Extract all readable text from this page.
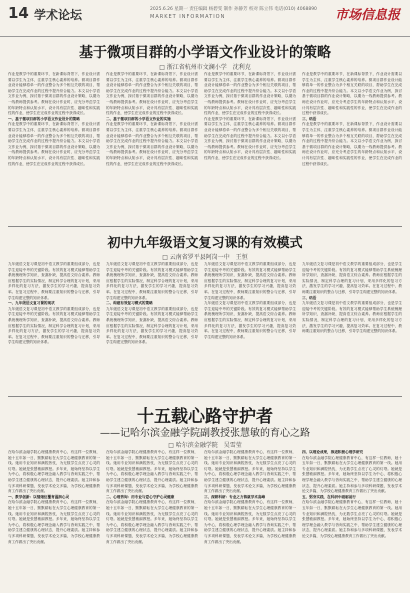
14 学术论坛	2025.6.26 星期一 责任编辑 杨碧雯 制作 孙静芳 校对 陈立伟 电话(010) 4068890
MARKET INFORMATION	市场信息报
基于微项目群的小学语文作业设计的策略
□ 浙江省杭州市文澜小学　沈利克
作业是教学中的重要环节，在新课标背景下，作业设计需要以学生为主体，注重学生核心素养的培养。微项目群作业设计能够将单一的作业整合为多个相互关联的项目，帮助学生在完成作业的过程中提升综合能力。本文以小学语文作业为例，探讨基于微项目群的作业设计策略，以期为一线教师提供参考。教师在设计作业时，应充分考虑学生的年龄特点和认知水平，设计具有层次性、趣味性和实践性的作业，使学生在完成作业的过程中获得成长。
一、基于微项目群的小学语文作业设计的策略
作业是教学中的重要环节，在新课标背景下，作业设计需要以学生为主体，注重学生核心素养的培养。微项目群作业设计能够将单一的作业整合为多个相互关联的项目，帮助学生在完成作业的过程中提升综合能力。本文以小学语文作业为例，探讨基于微项目群的作业设计策略，以期为一线教师提供参考。教师在设计作业时，应充分考虑学生的年龄特点和认知水平，设计具有层次性、趣味性和实践性的作业，使学生在完成作业的过程中获得成长。
作业是教学中的重要环节，在新课标背景下，作业设计需要以学生为主体，注重学生核心素养的培养。微项目群作业设计能够将单一的作业整合为多个相互关联的项目，帮助学生在完成作业的过程中提升综合能力。本文以小学语文作业为例，探讨基于微项目群的作业设计策略，以期为一线教师提供参考。教师在设计作业时，应充分考虑学生的年龄特点和认知水平，设计具有层次性、趣味性和实践性的作业，使学生在完成作业的过程中获得成长。
二、基于微项目群的小学语文作业的实施
作业是教学中的重要环节，在新课标背景下，作业设计需要以学生为主体，注重学生核心素养的培养。微项目群作业设计能够将单一的作业整合为多个相互关联的项目，帮助学生在完成作业的过程中提升综合能力。本文以小学语文作业为例，探讨基于微项目群的作业设计策略，以期为一线教师提供参考。教师在设计作业时，应充分考虑学生的年龄特点和认知水平，设计具有层次性、趣味性和实践性的作业，使学生在完成作业的过程中获得成长。
作业是教学中的重要环节，在新课标背景下，作业设计需要以学生为主体，注重学生核心素养的培养。微项目群作业设计能够将单一的作业整合为多个相互关联的项目，帮助学生在完成作业的过程中提升综合能力。本文以小学语文作业为例，探讨基于微项目群的作业设计策略，以期为一线教师提供参考。教师在设计作业时，应充分考虑学生的年龄特点和认知水平，设计具有层次性、趣味性和实践性的作业，使学生在完成作业的过程中获得成长。
作业是教学中的重要环节，在新课标背景下，作业设计需要以学生为主体，注重学生核心素养的培养。微项目群作业设计能够将单一的作业整合为多个相互关联的项目，帮助学生在完成作业的过程中提升综合能力。本文以小学语文作业为例，探讨基于微项目群的作业设计策略，以期为一线教师提供参考。教师在设计作业时，应充分考虑学生的年龄特点和认知水平，设计具有层次性、趣味性和实践性的作业，使学生在完成作业的过程中获得成长。
作业是教学中的重要环节，在新课标背景下，作业设计需要以学生为主体，注重学生核心素养的培养。微项目群作业设计能够将单一的作业整合为多个相互关联的项目，帮助学生在完成作业的过程中提升综合能力。本文以小学语文作业为例，探讨基于微项目群的作业设计策略，以期为一线教师提供参考。教师在设计作业时，应充分考虑学生的年龄特点和认知水平，设计具有层次性、趣味性和实践性的作业，使学生在完成作业的过程中获得成长。
三、结语
作业是教学中的重要环节，在新课标背景下，作业设计需要以学生为主体，注重学生核心素养的培养。微项目群作业设计能够将单一的作业整合为多个相互关联的项目，帮助学生在完成作业的过程中提升综合能力。本文以小学语文作业为例，探讨基于微项目群的作业设计策略，以期为一线教师提供参考。教师在设计作业时，应充分考虑学生的年龄特点和认知水平，设计具有层次性、趣味性和实践性的作业，使学生在完成作业的过程中获得成长。
初中九年级语文复习课的有效模式
□ 云南省罗平县阿岗一中　王恒
九年级语文复习课是初中语文教学的重要组成部分，也是学生迎接中考的关键阶段。有效的复习模式能够帮助学生系统梳理所学知识，查漏补缺，提高语文综合素养。教师应根据学生的实际情况，制定科学合理的复习计划，采用多样化的复习方法，激发学生的学习兴趣，提高复习效率。在复习过程中，教师要注重知识的整合与迁移，引导学生构建完整的知识体系。
一、九年级语文复习课的现状
九年级语文复习课是初中语文教学的重要组成部分，也是学生迎接中考的关键阶段。有效的复习模式能够帮助学生系统梳理所学知识，查漏补缺，提高语文综合素养。教师应根据学生的实际情况，制定科学合理的复习计划，采用多样化的复习方法，激发学生的学习兴趣，提高复习效率。在复习过程中，教师要注重知识的整合与迁移，引导学生构建完整的知识体系。
九年级语文复习课是初中语文教学的重要组成部分，也是学生迎接中考的关键阶段。有效的复习模式能够帮助学生系统梳理所学知识，查漏补缺，提高语文综合素养。教师应根据学生的实际情况，制定科学合理的复习计划，采用多样化的复习方法，激发学生的学习兴趣，提高复习效率。在复习过程中，教师要注重知识的整合与迁移，引导学生构建完整的知识体系。
二、构建有效复习模式的策略
九年级语文复习课是初中语文教学的重要组成部分，也是学生迎接中考的关键阶段。有效的复习模式能够帮助学生系统梳理所学知识，查漏补缺，提高语文综合素养。教师应根据学生的实际情况，制定科学合理的复习计划，采用多样化的复习方法，激发学生的学习兴趣，提高复习效率。在复习过程中，教师要注重知识的整合与迁移，引导学生构建完整的知识体系。
九年级语文复习课是初中语文教学的重要组成部分，也是学生迎接中考的关键阶段。有效的复习模式能够帮助学生系统梳理所学知识，查漏补缺，提高语文综合素养。教师应根据学生的实际情况，制定科学合理的复习计划，采用多样化的复习方法，激发学生的学习兴趣，提高复习效率。在复习过程中，教师要注重知识的整合与迁移，引导学生构建完整的知识体系。
九年级语文复习课是初中语文教学的重要组成部分，也是学生迎接中考的关键阶段。有效的复习模式能够帮助学生系统梳理所学知识，查漏补缺，提高语文综合素养。教师应根据学生的实际情况，制定科学合理的复习计划，采用多样化的复习方法，激发学生的学习兴趣，提高复习效率。在复习过程中，教师要注重知识的整合与迁移，引导学生构建完整的知识体系。
九年级语文复习课是初中语文教学的重要组成部分，也是学生迎接中考的关键阶段。有效的复习模式能够帮助学生系统梳理所学知识，查漏补缺，提高语文综合素养。教师应根据学生的实际情况，制定科学合理的复习计划，采用多样化的复习方法，激发学生的学习兴趣，提高复习效率。在复习过程中，教师要注重知识的整合与迁移，引导学生构建完整的知识体系。
三、结语
九年级语文复习课是初中语文教学的重要组成部分，也是学生迎接中考的关键阶段。有效的复习模式能够帮助学生系统梳理所学知识，查漏补缺，提高语文综合素养。教师应根据学生的实际情况，制定科学合理的复习计划，采用多样化的复习方法，激发学生的学习兴趣，提高复习效率。在复习过程中，教师要注重知识的整合与迁移，引导学生构建完整的知识体系。
十五载心路守护者
——记哈尔滨金融学院副教授张慧敏的育心之路
□ 哈尔滨金融学院　吴雪莹
在哈尔滨金融学院心理健康教育中心，有这样一位教师，她十五年如一日，默默耕耘在大学生心理健康教育的第一线。她用专业知识和满腔热忱，为无数学生点亮了心灵的灯塔。她就是张慧敏副教授。多年来，她始终坚持以学生为中心，将积极心理学理念融入教学与咨询实践之中，帮助学生建立健康的心理状态，提升心理素质。她主持和参与多项科研课题，发表学术论文多篇，为学校心理健康教育工作做出了突出贡献。
一、教学创新：以情绪位覆育温润心灵
在哈尔滨金融学院心理健康教育中心，有这样一位教师，她十五年如一日，默默耕耘在大学生心理健康教育的第一线。她用专业知识和满腔热忱，为无数学生点亮了心灵的灯塔。她就是张慧敏副教授。多年来，她始终坚持以学生为中心，将积极心理学理念融入教学与咨询实践之中，帮助学生建立健康的心理状态，提升心理素质。她主持和参与多项科研课题，发表学术论文多篇，为学校心理健康教育工作做出了突出贡献。
在哈尔滨金融学院心理健康教育中心，有这样一位教师，她十五年如一日，默默耕耘在大学生心理健康教育的第一线。她用专业知识和满腔热忱，为无数学生点亮了心灵的灯塔。她就是张慧敏副教授。多年来，她始终坚持以学生为中心，将积极心理学理念融入教学与咨询实践之中，帮助学生建立健康的心理状态，提升心理素质。她主持和参与多项科研课题，发表学术论文多篇，为学校心理健康教育工作做出了突出贡献。
二、心理咨询：用专业与爱心守护心灵健康
在哈尔滨金融学院心理健康教育中心，有这样一位教师，她十五年如一日，默默耕耘在大学生心理健康教育的第一线。她用专业知识和满腔热忱，为无数学生点亮了心灵的灯塔。她就是张慧敏副教授。多年来，她始终坚持以学生为中心，将积极心理学理念融入教学与咨询实践之中，帮助学生建立健康的心理状态，提升心理素质。她主持和参与多项科研课题，发表学术论文多篇，为学校心理健康教育工作做出了突出贡献。
在哈尔滨金融学院心理健康教育中心，有这样一位教师，她十五年如一日，默默耕耘在大学生心理健康教育的第一线。她用专业知识和满腔热忱，为无数学生点亮了心灵的灯塔。她就是张慧敏副教授。多年来，她始终坚持以学生为中心，将积极心理学理念融入教学与咨询实践之中，帮助学生建立健康的心理状态，提升心理素质。她主持和参与多项科研课题，发表学术论文多篇，为学校心理健康教育工作做出了突出贡献。
三、深耕科研：专业之力铸就学术高峰
在哈尔滨金融学院心理健康教育中心，有这样一位教师，她十五年如一日，默默耕耘在大学生心理健康教育的第一线。她用专业知识和满腔热忱，为无数学生点亮了心灵的灯塔。她就是张慧敏副教授。多年来，她始终坚持以学生为中心，将积极心理学理念融入教学与咨询实践之中，帮助学生建立健康的心理状态，提升心理素质。她主持和参与多项科研课题，发表学术论文多篇，为学校心理健康教育工作做出了突出贡献。
四、以理论成果，推进积极心理学研究
在哈尔滨金融学院心理健康教育中心，有这样一位教师，她十五年如一日，默默耕耘在大学生心理健康教育的第一线。她用专业知识和满腔热忱，为无数学生点亮了心灵的灯塔。她就是张慧敏副教授。多年来，她始终坚持以学生为中心，将积极心理学理念融入教学与咨询实践之中，帮助学生建立健康的心理状态，提升心理素质。她主持和参与多项科研课题，发表学术论文多篇，为学校心理健康教育工作做出了突出贡献。
五、躬身实践，在科研中砥砺前行
在哈尔滨金融学院心理健康教育中心，有这样一位教师，她十五年如一日，默默耕耘在大学生心理健康教育的第一线。她用专业知识和满腔热忱，为无数学生点亮了心灵的灯塔。她就是张慧敏副教授。多年来，她始终坚持以学生为中心，将积极心理学理念融入教学与咨询实践之中，帮助学生建立健康的心理状态，提升心理素质。她主持和参与多项科研课题，发表学术论文多篇，为学校心理健康教育工作做出了突出贡献。
